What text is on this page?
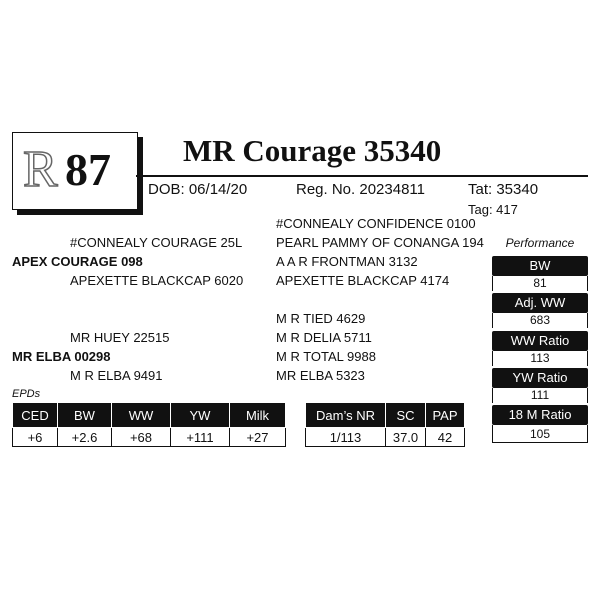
R 87 MR Courage 35340
DOB: 06/14/20	Reg. No. 20234811	Tat: 35340
Tag: 417
#CONNEALY CONFIDENCE 0100
#CONNEALY COURAGE 25L	PEARL PAMMY OF CONANGA 194
APEX COURAGE 098	A A R FRONTMAN 3132
APEXETTE BLACKCAP 6020	APEXETTE BLACKCAP 4174
M R TIED 4629
MR HUEY 22515	M R DELIA 5711
MR ELBA 00298	M R TOTAL 9988
M R ELBA 9491	MR ELBA 5323
Performance
BW
81
Adj. WW
683
WW Ratio
113
YW Ratio
111
18 M Ratio
105
EPDs
CED	BW	WW	YW	Milk
+6	+2.6	+68	+111	+27
Dam’s NR	SC	PAP
1/113	37.0	42
